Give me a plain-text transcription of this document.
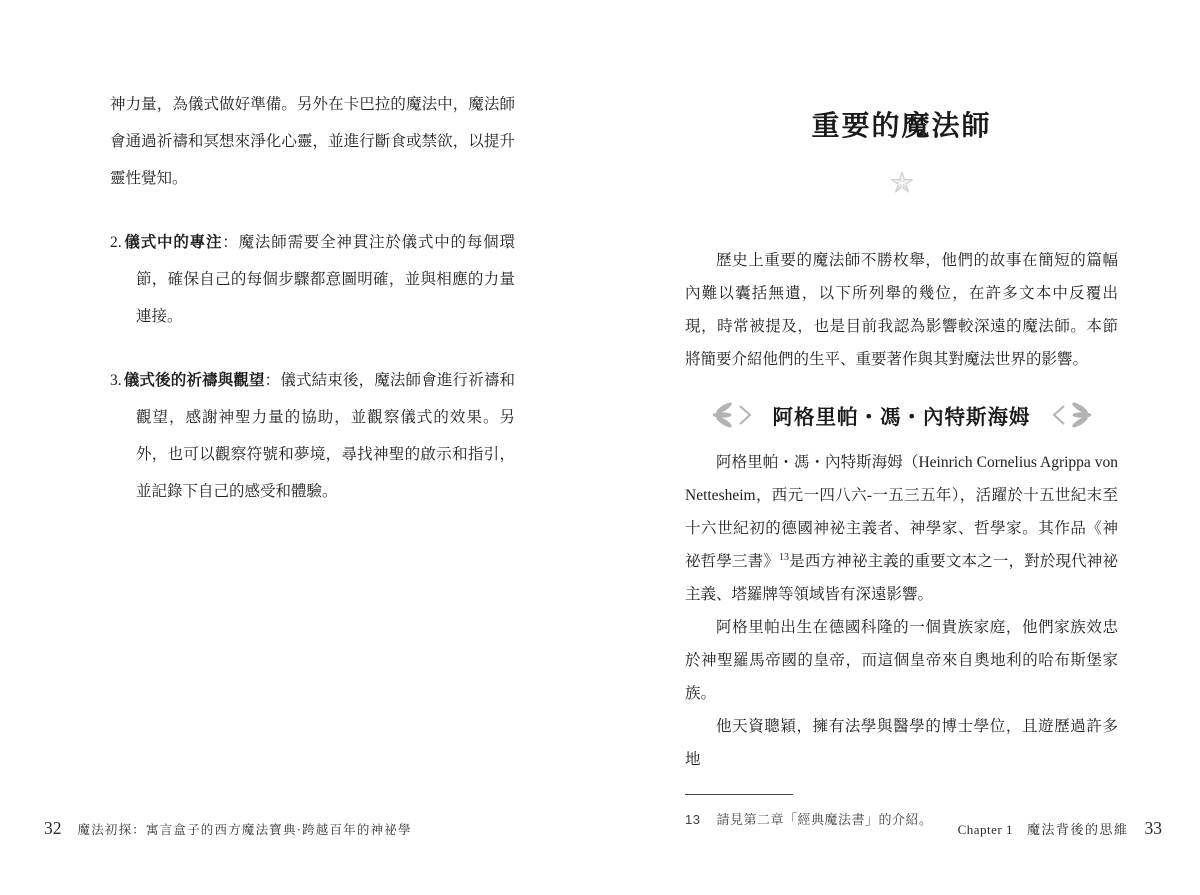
神力量，為儀式做好準備。另外在卡巴拉的魔法中，魔法師會通過祈禱和冥想來淨化心靈，並進行斷食或禁欲，以提升靈性覺知。

2. 儀式中的專注：魔法師需要全神貫注於儀式中的每個環節，確保自己的每個步驟都意圖明確，並與相應的力量連接。

3. 儀式後的祈禱與觀望：儀式結束後，魔法師會進行祈禱和觀望，感謝神聖力量的協助，並觀察儀式的效果。另外，也可以觀察符號和夢境，尋找神聖的啟示和指引，並記錄下自己的感受和體驗。

重要的魔法師

歷史上重要的魔法師不勝枚舉，他們的故事在簡短的篇幅內難以囊括無遺，以下所列舉的幾位，在許多文本中反覆出現，時常被提及，也是目前我認為影響較深遠的魔法師。本節將簡要介紹他們的生平、重要著作與其對魔法世界的影響。

阿格里帕・馮・內特斯海姆

阿格里帕・馮・內特斯海姆（Heinrich Cornelius Agrippa von Nettesheim，西元一四八六-一五三五年），活躍於十五世紀末至十六世紀初的德國神祕主義者、神學家、哲學家。其作品《神祕哲學三書》$^{13}$是西方神祕主義的重要文本之一，對於現代神祕主義、塔羅牌等領域皆有深遠影響。

阿格里帕出生在德國科隆的一個貴族家庭，他們家族效忠於神聖羅馬帝國的皇帝，而這個皇帝來自奧地利的哈布斯堡家族。

他天資聰穎，擁有法學與醫學的博士學位，且遊歷過許多地

13 請見第二章「經典魔法書」的介紹。

32 魔法初探：寓言盒子的西方魔法寶典·跨越百年的神祕學	Chapter 1 魔法背後的思維 33
